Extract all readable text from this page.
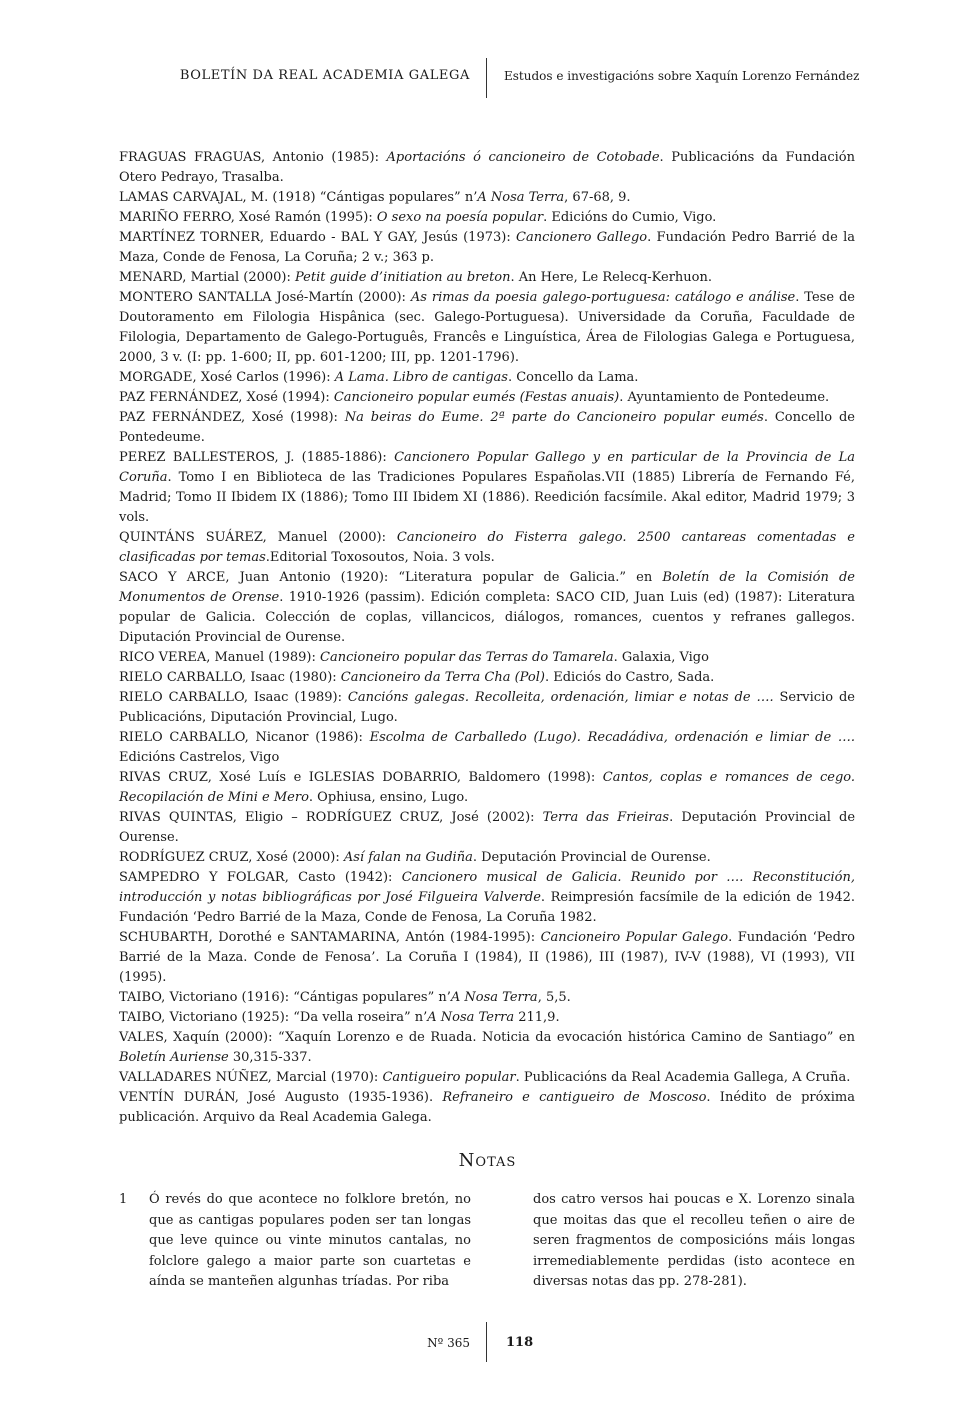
BOLETÍN DA REAL ACADEMIA GALEGA	Estudos e investigacións sobre Xaquín Lorenzo Fernández
FRAGUAS FRAGUAS, Antonio (1985): Aportacións ó cancioneiro de Cotobade. Publicacións da Fundación Otero Pedrayo, Trasalba.
LAMAS CARVAJAL, M. (1918) “Cántigas populares” n’A Nosa Terra, 67-68, 9.
MARIÑO FERRO, Xosé Ramón (1995): O sexo na poesía popular. Edicións do Cumio, Vigo.
MARTÍNEZ TORNER, Eduardo - BAL Y GAY, Jesús (1973): Cancionero Gallego. Fundación Pedro Barrié de la Maza, Conde de Fenosa, La Coruña; 2 v.; 363 p.
MENARD, Martial (2000): Petit guide d’initiation au breton. An Here, Le Relecq-Kerhuon.
MONTERO SANTALLA José-Martín (2000): As rimas da poesia galego-portuguesa: catálogo e análise. Tese de Doutoramento em Filologia Hispânica (sec. Galego-Portuguesa). Universidade da Coruña, Faculdade de Filologia, Departamento de Galego-Português, Francês e Linguística, Área de Filologias Galega e Portuguesa, 2000, 3 v. (I: pp. 1-600; II, pp. 601-1200; III, pp. 1201-1796).
MORGADE, Xosé Carlos (1996): A Lama. Libro de cantigas. Concello da Lama.
PAZ FERNÁNDEZ, Xosé (1994): Cancioneiro popular eumés (Festas anuais). Ayuntamiento de Pontedeume.
PAZ FERNÁNDEZ, Xosé (1998): Na beiras do Eume. 2ª parte do Cancioneiro popular eumés. Concello de Pontedeume.
PEREZ BALLESTEROS, J. (1885-1886): Cancionero Popular Gallego y en particular de la Provincia de La Coruña. Tomo I en Biblioteca de las Tradiciones Populares Españolas.VII (1885) Librería de Fernando Fé, Madrid; Tomo II Ibidem IX (1886); Tomo III Ibidem XI (1886). Reedición facsímile. Akal editor, Madrid 1979; 3 vols.
QUINTÁNS SUÁREZ, Manuel (2000): Cancioneiro do Fisterra galego. 2500 cantareas comentadas e clasificadas por temas.Editorial Toxosoutos, Noia. 3 vols.
SACO Y ARCE, Juan Antonio (1920): “Literatura popular de Galicia.” en Boletín de la Comisión de Monumentos de Orense. 1910-1926 (passim). Edición completa: SACO CID, Juan Luis (ed) (1987): Literatura popular de Galicia. Colección de coplas, villancicos, diálogos, romances, cuentos y refranes gallegos. Diputación Provincial de Ourense.
RICO VEREA, Manuel (1989): Cancioneiro popular das Terras do Tamarela. Galaxia, Vigo
RIELO CARBALLO, Isaac (1980): Cancioneiro da Terra Cha (Pol). Ediciós do Castro, Sada.
RIELO CARBALLO, Isaac (1989): Cancións galegas. Recolleita, ordenación, limiar e notas de …. Servicio de Publicacións, Diputación Provincial, Lugo.
RIELO CARBALLO, Nicanor (1986): Escolma de Carballedo (Lugo). Recadádiva, ordenación e limiar de …. Edicións Castrelos, Vigo
RIVAS CRUZ, Xosé Luís e IGLESIAS DOBARRIO, Baldomero (1998): Cantos, coplas e romances de cego. Recopilación de Mini e Mero. Ophiusa, ensino, Lugo.
RIVAS QUINTAS, Eligio – RODRÍGUEZ CRUZ, José (2002): Terra das Frieiras. Deputación Provincial de Ourense.
RODRÍGUEZ CRUZ, Xosé (2000): Así falan na Gudiña. Deputación Provincial de Ourense.
SAMPEDRO Y FOLGAR, Casto (1942): Cancionero musical de Galicia. Reunido por …. Reconstitución, introducción y notas bibliográficas por José Filgueira Valverde. Reimpresión facsímile de la edición de 1942. Fundación ‘Pedro Barrié de la Maza, Conde de Fenosa, La Coruña 1982.
SCHUBARTH, Dorothé e SANTAMARINA, Antón (1984-1995): Cancioneiro Popular Galego. Fundación ‘Pedro Barrié de la Maza. Conde de Fenosa’. La Coruña I (1984), II (1986), III (1987), IV-V (1988), VI (1993), VII (1995).
TAIBO, Victoriano (1916): “Cántigas populares” n’A Nosa Terra, 5,5.
TAIBO, Victoriano (1925): “Da vella roseira” n’A Nosa Terra 211,9.
VALES, Xaquín (2000): “Xaquín Lorenzo e de Ruada. Noticia da evocación histórica Camino de Santiago” en Boletín Auriense 30,315-337.
VALLADARES NÚÑEZ, Marcial (1970): Cantigueiro popular. Publicacións da Real Academia Gallega, A Cruña.
VENTÍN DURÁN, José Augusto (1935-1936). Refraneiro e cantigueiro de Moscoso. Inédito de próxima publicación. Arquivo da Real Academia Galega.
Notas
1 Ó revés do que acontece no folklore bretón, no que as cantigas populares poden ser tan longas que leve quince ou vinte minutos cantalas, no folclore galego a maior parte son cuartetas e aínda se manteñen algunhas tríadas. Por riba
dos catro versos hai poucas e X. Lorenzo sinala que moitas das que el recolleu teñen o aire de seren fragmentos de composicións máis longas irremediablemente perdidas (isto acontece en diversas notas das pp. 278-281).
Nº 365	118
